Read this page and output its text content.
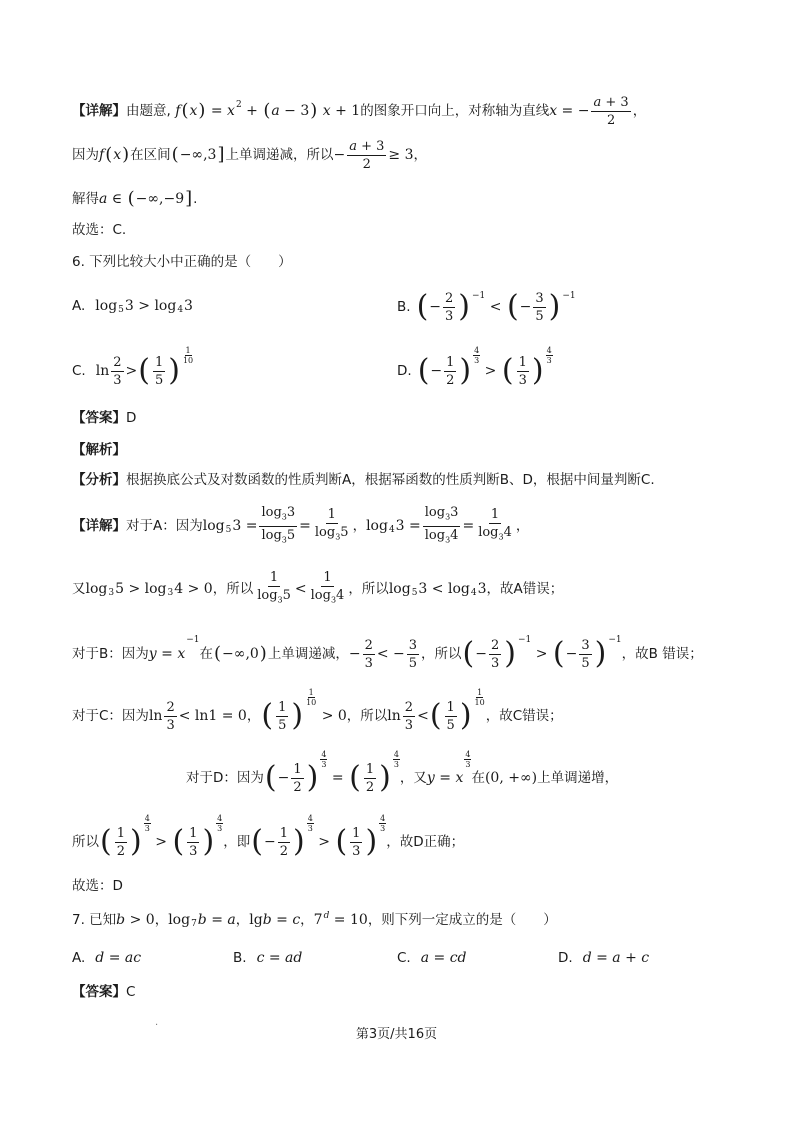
【详解】 由题意, f ( x ) = x 2 + ( a − 3 ) x + 1 的图象开口向上，对称轴为直线 x = − $\frac{a + 3}{2}$ ，
因为 f ( x ) 在区间 ( −∞,3 ] 上单调递减，所以 − $\frac{a + 3}{2} \ge 3$ ，
解得 a ∈ ( −∞,−9 ] .
故选：C.
6. 下列比较大小中正确的是（　　）
A. log 5 3 > log 4 3	B. ( − $\frac{2}{3}$ ) −1
< ( − $\frac{3}{5}$ ) −1
C. $\ln \frac{2}{3}$ > ( $\frac{1}{5}$ ) $\frac{1}{10}$
D. ( − $\frac{1}{2}$ ) $\frac{4}{3}$
> ( $\frac{1}{3}$ ) $\frac{4}{3}$
【答案】 D
【解析】
【分析】 根据换底公式及对数函数的性质判断A，根据幂函数的性质判断B、D，根据中间量判断C.
【详解】 对于A：因为 log 5 $3 = \frac{\log_33}{\log_35} = \frac{1}{\log_35}$ ， log 4 $3 = \frac{\log_33}{\log_34} = \frac{1}{\log_34}$ ，
又 log 3 5 > log 3 4 > 0 ，所以 $\frac{1}{\log_35} < \frac{1}{\log_34}$ ，所以 log 5 3 < log 4 3 ，故A错误；
对于B：因为 y = x
−1
在 ( −∞,0 ) 上单调递减， − $\frac{2}{3}$ < − $\frac{3}{5}$ ，所以 ( − $\frac{2}{3}$ ) −1
> ( − $\frac{3}{5}$ ) −1
，故B 错误；
对于C：因为 $\ln \frac{2}{3} < \ln 1 = 0$ ， ( $\frac{1}{5}$ )
$\frac{1}{10}$
> 0 ，所以 $\ln \frac{2}{3}$ < ( $\frac{1}{5}$ )
$\frac{1}{10}$
，故C错误；
对于D：因为 ( − $\frac{1}{2}$ )
$\frac{4}{3}$
= ( $\frac{1}{2}$ )
$\frac{4}{3}$
，又 y = x
$\frac{4}{3}$
在 (0, +∞) 上单调递增，
所以 ( $\frac{1}{2}$ )
$\frac{4}{3}$
> ( $\frac{1}{3}$ )
$\frac{4}{3}$
，即 ( − $\frac{1}{2}$ )
$\frac{4}{3}$
> ( $\frac{1}{3}$ )
$\frac{4}{3}$
，故D正确；
故选：D
7. 已知 b > 0 ， log 7 b = a ， lgb = c ， 7 d = 10 ，则下列一定成立的是（　　）
A. d = ac	B. c = ad	C. a = cd	D. d = a + c
【答案】 C
·
第3页/共16页
